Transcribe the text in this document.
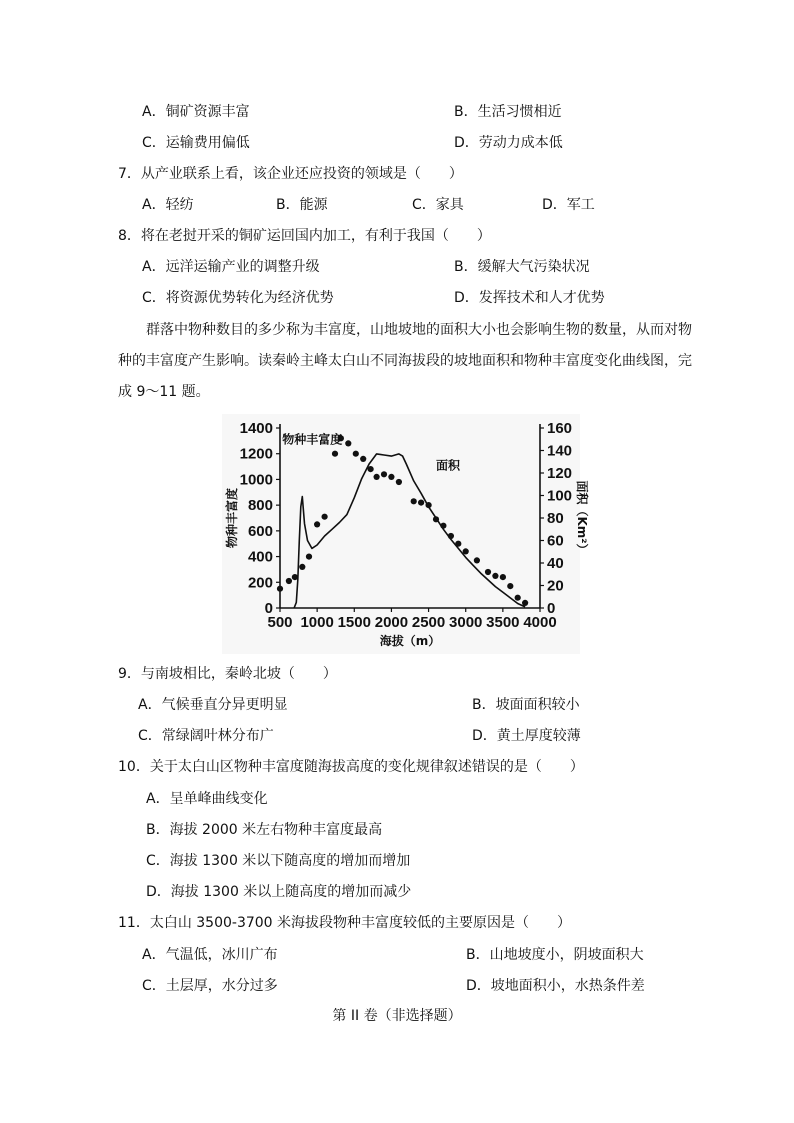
A．铜矿资源丰富	B．生活习惯相近
C．运输费用偏低	D．劳动力成本低
7．从产业联系上看，该企业还应投资的领域是（　　）
A．轻纺	B．能源	C．家具	D．军工
8．将在老挝开采的铜矿运回国内加工，有利于我国（　　）
A．远洋运输产业的调整升级	B．缓解大气污染状况
C．将资源优势转化为经济优势	D．发挥技术和人才优势
群落中物种数目的多少称为丰富度，山地坡地的面积大小也会影响生物的数量，从而对物种的丰富度产生影响。读秦岭主峰太白山不同海拔段的坡地面积和物种丰富度变化曲线图，完成 9～11 题。
0
200
400
600
800
1000
1200
1400
0
20
40
60
80
100
120
140
160
500 1000 1500 2000 2500 3000 3500 4000
海拔（m）
物种丰富度	面积（Km²）
面积
物种丰富度
9．与南坡相比，秦岭北坡（　　）
A．气候垂直分异更明显	B．坡面面积较小
C．常绿阔叶林分布广	D．黄土厚度较薄
10．关于太白山区物种丰富度随海拔高度的变化规律叙述错误的是（　　）
A．呈单峰曲线变化
B．海拔 2000 米左右物种丰富度最高
C．海拔 1300 米以下随高度的增加而增加
D．海拔 1300 米以上随高度的增加而减少
11．太白山 3500-3700 米海拔段物种丰富度较低的主要原因是（　　）
A．气温低，冰川广布	B．山地坡度小，阴坡面积大
C．土层厚，水分过多	D．坡地面积小，水热条件差
第 II 卷（非选择题）
